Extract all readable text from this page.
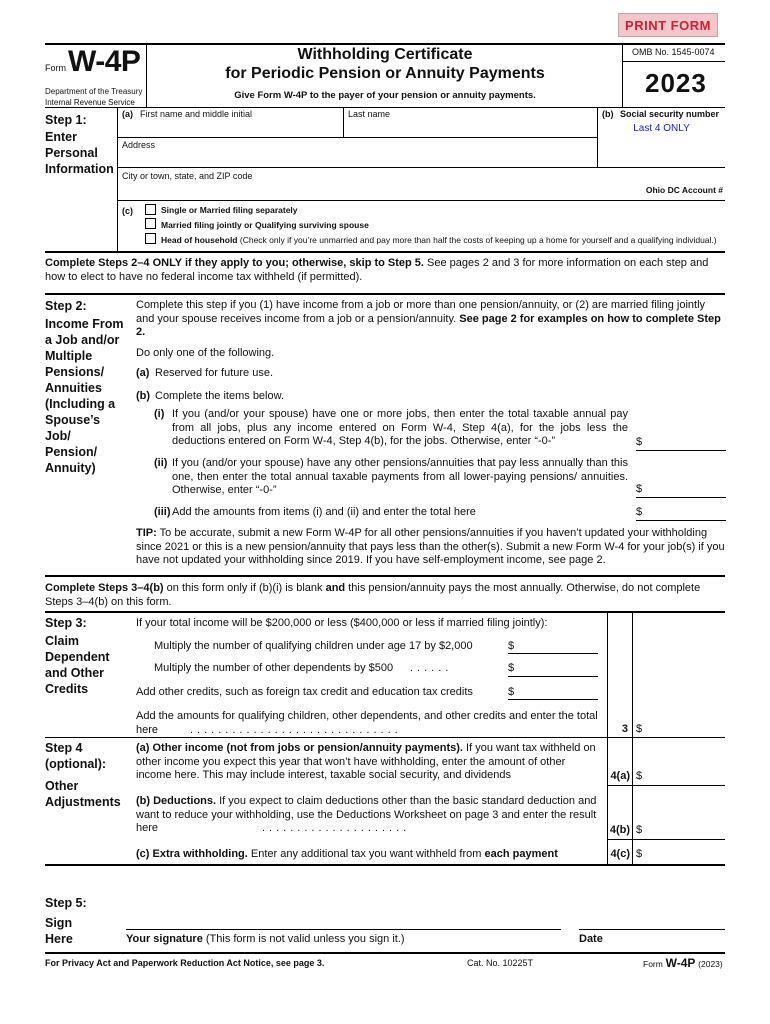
PRINT FORM
Form W-4P
Department of the Treasury
Internal Revenue Service
Withholding Certificate
for Periodic Pension or Annuity Payments
Give Form W-4P to the payer of your pension or annuity payments.
OMB No. 1545-0074
2023
Step 1:
Enter Personal Information
(a) First name and middle initial	Last name	(b) Social security number
Last 4 ONLY
Address
City or town, state, and ZIP code
Ohio DC Account #
(c)	Single or Married filing separately
Married filing jointly or Qualifying surviving spouse
Head of household (Check only if you’re unmarried and pay more than half the costs of keeping up a home for yourself and a qualifying individual.)
Complete Steps 2–4 ONLY if they apply to you; otherwise, skip to Step 5. See pages 2 and 3 for more information on each step and how to elect to have no federal income tax withheld (if permitted).
Step 2:
Income From a Job and/or Multiple Pensions/ Annuities (Including a Spouse’s Job/ Pension/ Annuity)
Complete this step if you (1) have income from a job or more than one pension/annuity, or (2) are married filing jointly and your spouse receives income from a job or a pension/annuity. See page 2 for examples on how to complete Step 2.
Do only one of the following.
(a) Reserved for future use.
(b) Complete the items below.
(i) If you (and/or your spouse) have one or more jobs, then enter the total taxable annual pay from all jobs, plus any income entered on Form W-4, Step 4(a), for the jobs less the deductions entered on Form W-4, Step 4(b), for the jobs. Otherwise, enter “-0-”	$
(ii) If you (and/or your spouse) have any other pensions/annuities that pay less annually than this one, then enter the total annual taxable payments from all lower-paying pensions/ annuities. Otherwise, enter “-0-”	$
(iii) Add the amounts from items (i) and (ii) and enter the total here	$
TIP: To be accurate, submit a new Form W-4P for all other pensions/annuities if you haven’t updated your withholding since 2021 or this is a new pension/annuity that pays less than the other(s). Submit a new Form W-4 for your job(s) if you have not updated your withholding since 2019. If you have self-employment income, see page 2.
Complete Steps 3–4(b) on this form only if (b)(i) is blank and this pension/annuity pays the most annually. Otherwise, do not complete Steps 3–4(b) on this form.
Step 3:
Claim Dependent and Other Credits
If your total income will be $200,000 or less ($400,000 or less if married filing jointly):
Multiply the number of qualifying children under age 17 by $2,000	$
Multiply the number of other dependents by $500 ......	$
Add other credits, such as foreign tax credit and education tax credits	$
Add the amounts for qualifying children, other dependents, and other credits and enter the total here	..............................	3 $
Step 4 (optional):
Other Adjustments
(a) Other income (not from jobs or pension/annuity payments). If you want tax withheld on other income you expect this year that won’t have withholding, enter the amount of other income here. This may include interest, taxable social security, and dividends	4(a) $
(b) Deductions. If you expect to claim deductions other than the basic standard deduction and want to reduce your withholding, use the Deductions Worksheet on page 3 and enter the result here	.....................	4(b) $
(c) Extra withholding. Enter any additional tax you want withheld from each payment	4(c) $
Step 5:
Sign Here	Your signature (This form is not valid unless you sign it.)	Date
For Privacy Act and Paperwork Reduction Act Notice, see page 3.	Cat. No. 10225T	Form W-4P (2023)
